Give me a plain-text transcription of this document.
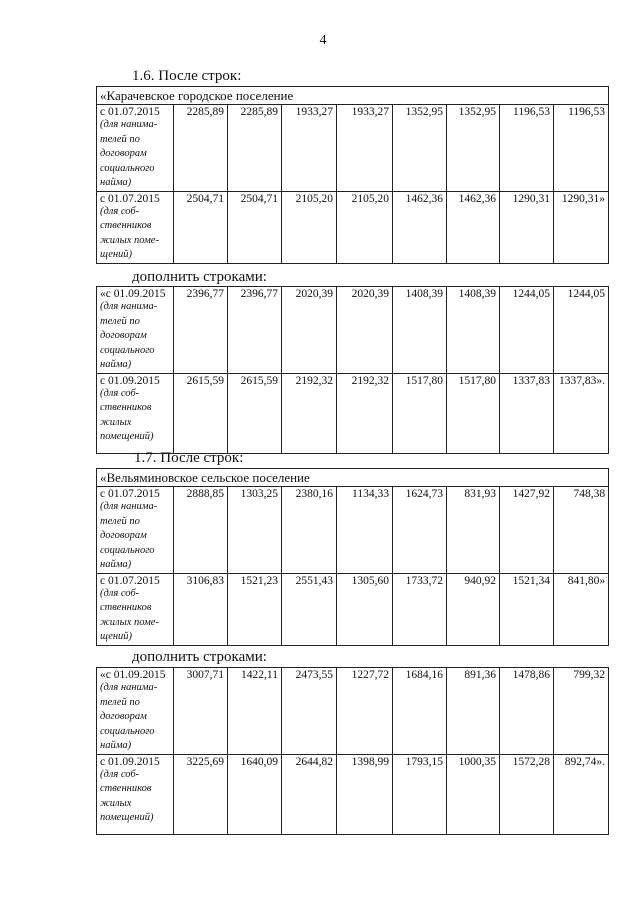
4
1.6. После строк:
«Карачевское городское поселение								

с 01.07.2015
(для нанима-телей по договорам социального найма)	2285,89	2285,89	1933,27	1933,27	1352,95	1352,95	1196,53	1196,53

с 01.07.2015
(для соб-ственников жилых поме-щений)	2504,71	2504,71	2105,20	2105,20	1462,36	1462,36	1290,31	1290,31»
дополнить строками:
«с 01.09.2015
(для нанима-телей по договорам социального найма)	2396,77	2396,77	2020,39	2020,39	1408,39	1408,39	1244,05	1244,05

с 01.09.2015
(для соб-ственников жилых помещений)	2615,59	2615,59	2192,32	2192,32	1517,80	1517,80	1337,83	1337,83».
1.7. После строк:
«Вельяминовское сельское поселение								

с 01.07.2015
(для нанима-телей по договорам социального найма)	2888,85	1303,25	2380,16	1134,33	1624,73	831,93	1427,92	748,38

с 01.07.2015
(для соб-ственников жилых поме-щений)	3106,83	1521,23	2551,43	1305,60	1733,72	940,92	1521,34	841,80»
дополнить строками:
«с 01.09.2015
(для нанима-телей по договорам социального найма)	3007,71	1422,11	2473,55	1227,72	1684,16	891,36	1478,86	799,32

с 01.09.2015
(для соб-ственников жилых помещений)	3225,69	1640,09	2644,82	1398,99	1793,15	1000,35	1572,28	892,74».
